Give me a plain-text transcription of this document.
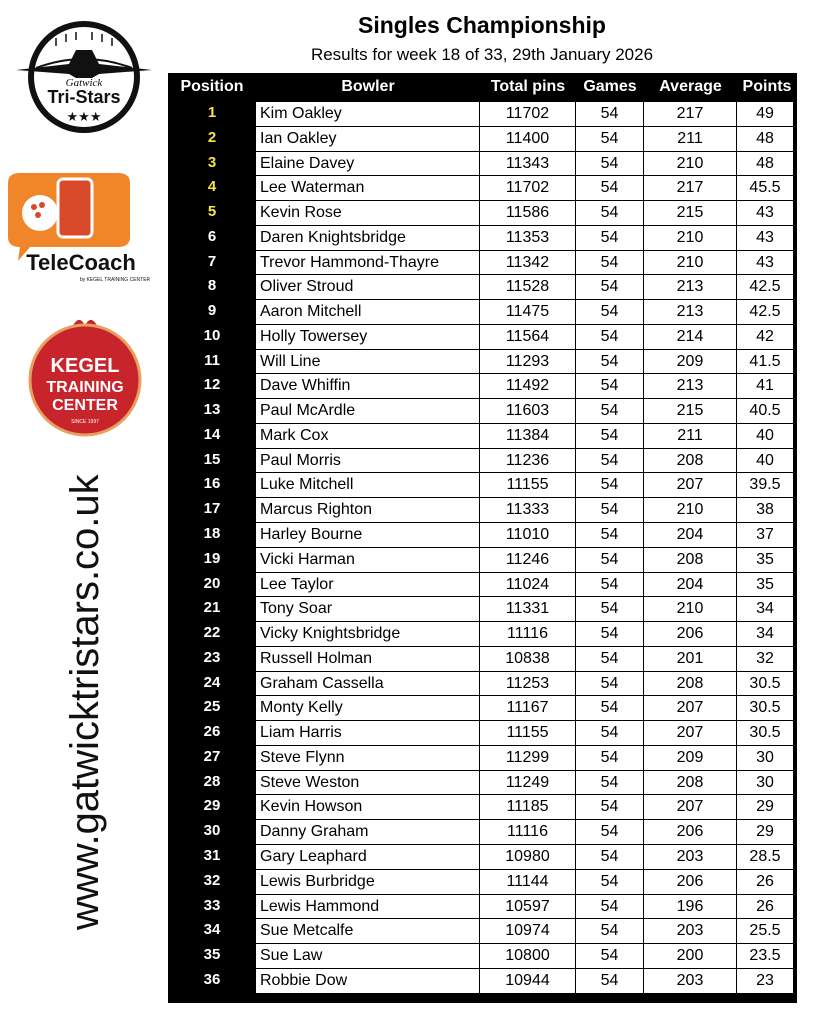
Singles Championship
Results for week 18 of 33, 29th January 2026
Gatwick
Tri-Stars
★★★
TeleCoach
by KEGEL TRAINING CENTER
KEGEL
TRAINING
CENTER
SINCE 1997
www.gatwicktristars.co.uk
Position	Bowler	Total pins	Games	Average	Points
1	Kim Oakley	11702	54	217	49
2	Ian Oakley	11400	54	211	48
3	Elaine Davey	11343	54	210	48
4	Lee Waterman	11702	54	217	45.5
5	Kevin Rose	11586	54	215	43
6	Daren Knightsbridge	11353	54	210	43
7	Trevor Hammond-Thayre	11342	54	210	43
8	Oliver Stroud	11528	54	213	42.5
9	Aaron Mitchell	11475	54	213	42.5
10	Holly Towersey	11564	54	214	42
11	Will Line	11293	54	209	41.5
12	Dave Whiffin	11492	54	213	41
13	Paul McArdle	11603	54	215	40.5
14	Mark Cox	11384	54	211	40
15	Paul Morris	11236	54	208	40
16	Luke Mitchell	11155	54	207	39.5
17	Marcus Righton	11333	54	210	38
18	Harley Bourne	11010	54	204	37
19	Vicki Harman	11246	54	208	35
20	Lee Taylor	11024	54	204	35
21	Tony Soar	11331	54	210	34
22	Vicky Knightsbridge	11116	54	206	34
23	Russell Holman	10838	54	201	32
24	Graham Cassella	11253	54	208	30.5
25	Monty Kelly	11167	54	207	30.5
26	Liam Harris	11155	54	207	30.5
27	Steve Flynn	11299	54	209	30
28	Steve Weston	11249	54	208	30
29	Kevin Howson	11185	54	207	29
30	Danny Graham	11116	54	206	29
31	Gary Leaphard	10980	54	203	28.5
32	Lewis Burbridge	11144	54	206	26
33	Lewis Hammond	10597	54	196	26
34	Sue Metcalfe	10974	54	203	25.5
35	Sue Law	10800	54	200	23.5
36	Robbie Dow	10944	54	203	23
